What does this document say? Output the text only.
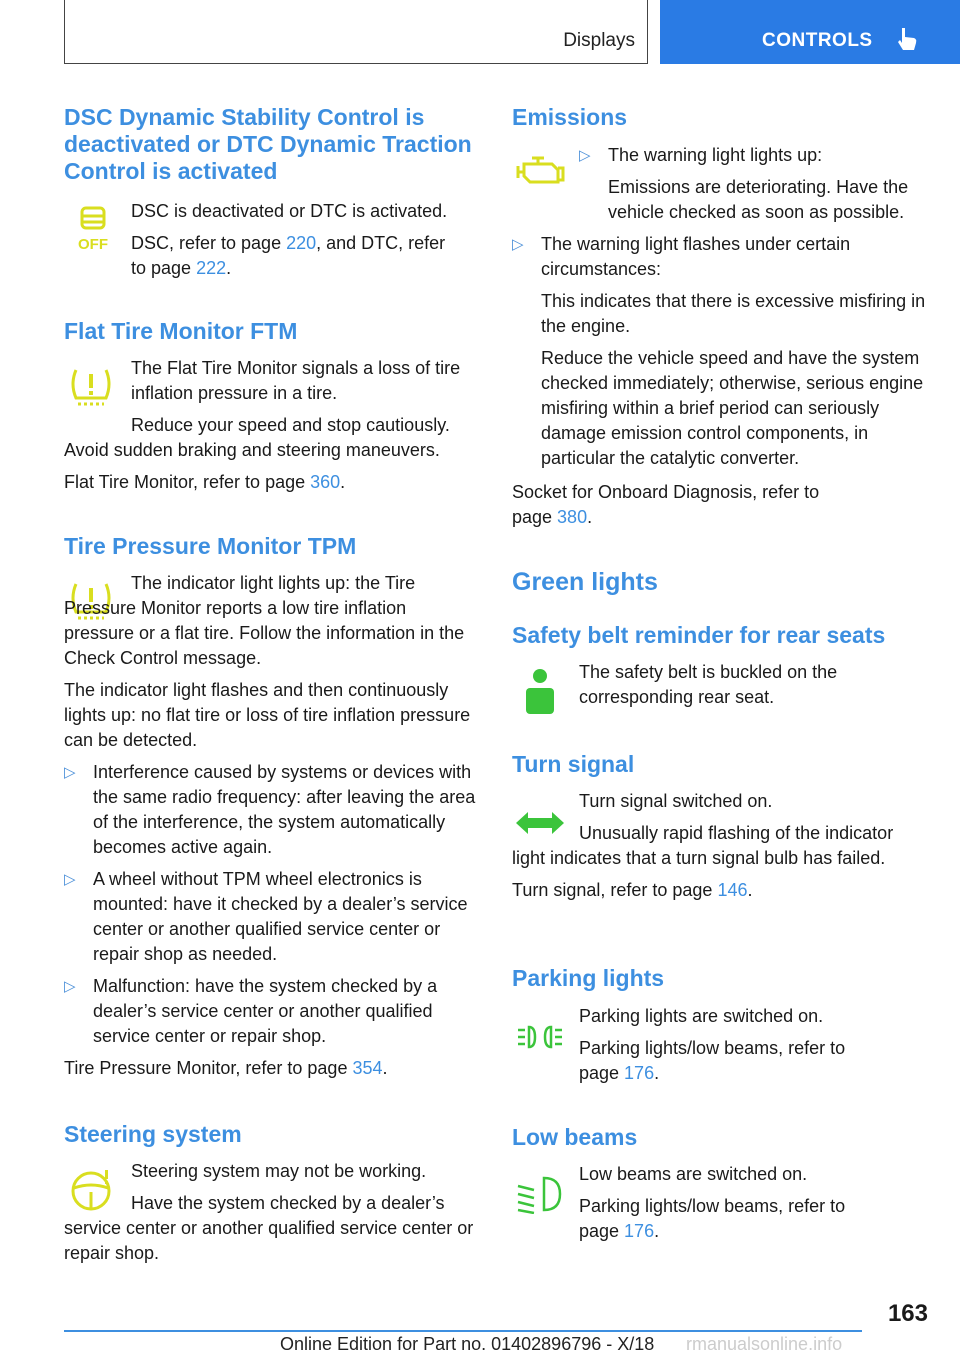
Displays	CONTROLS
DSC Dynamic Stability Control is deactivated or DTC Dynamic Traction Control is activated
OFF

DSC is deactivated or DTC is activated.

DSC, refer to page 220, and DTC, refer
to page 222.

Flat Tire Monitor FTM

The Flat Tire Monitor signals a loss of tire inflation pressure in a tire.

Reduce your speed and stop cautiously. Avoid sudden braking and steering maneuvers.

Flat Tire Monitor, refer to page 360.

Tire Pressure Monitor TPM

The indicator light lights up: the Tire Pressure Monitor reports a low tire inflation pressure or a flat tire. Follow the information in the Check Control message.

The indicator light flashes and then continuously lights up: no flat tire or loss of tire inflation pressure can be detected.

▷ Interference caused by systems or devices with the same radio frequency: after leaving the area of the interference, the system automatically becomes active again.
▷ A wheel without TPM wheel electronics is mounted: have it checked by a dealer’s service center or another qualified service center or repair shop as needed.
▷ Malfunction: have the system checked by a dealer’s service center or another qualified service center or repair shop.

Tire Pressure Monitor, refer to page 354.

Steering system

Steering system may not be working.

Have the system checked by a dealer’s service center or another qualified service center or repair shop.

Emissions
▷ The warning light lights up:

Emissions are deteriorating. Have the vehicle checked as soon as possible.

▷ The warning light flashes under certain circumstances:

This indicates that there is excessive misfiring in the engine.

Reduce the vehicle speed and have the system checked immediately; otherwise, serious engine misfiring within a brief period can seriously damage emission control components, in particular the catalytic converter.

Socket for Onboard Diagnosis, refer to
page 380.

Green lights
Safety belt reminder for rear seats

The safety belt is buckled on the corresponding rear seat.

Turn signal

Turn signal switched on.

Unusually rapid flashing of the indicator light indicates that a turn signal bulb has failed.

Turn signal, refer to page 146.

Parking lights

Parking lights are switched on.

Parking lights/low beams, refer to
page 176.

Low beams

Low beams are switched on.

Parking lights/low beams, refer to
page 176.

163
Online Edition for Part no. 01402896796 - X/18 rmanualsonline.info
